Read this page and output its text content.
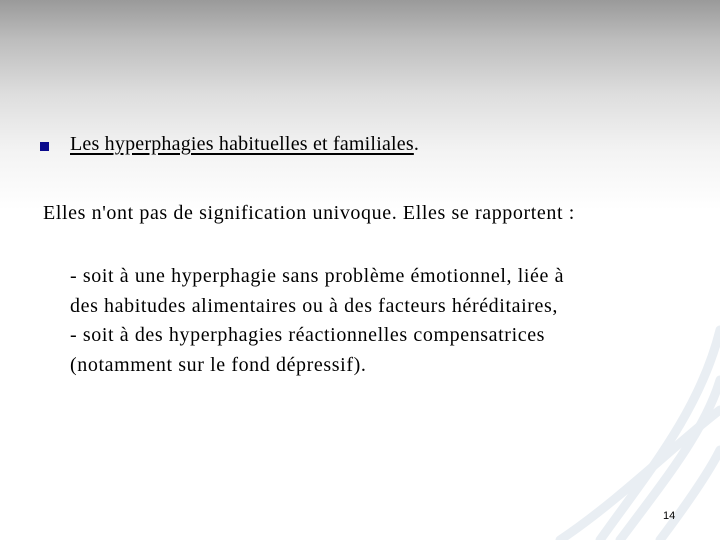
Les hyperphagies habituelles et familiales.
Elles n'ont pas de signification univoque. Elles se rapportent :
- soit à une hyperphagie sans problème émotionnel, liée à
des habitudes alimentaires ou à des facteurs héréditaires,
- soit à des hyperphagies réactionnelles compensatrices
(notamment sur le fond dépressif).
14
